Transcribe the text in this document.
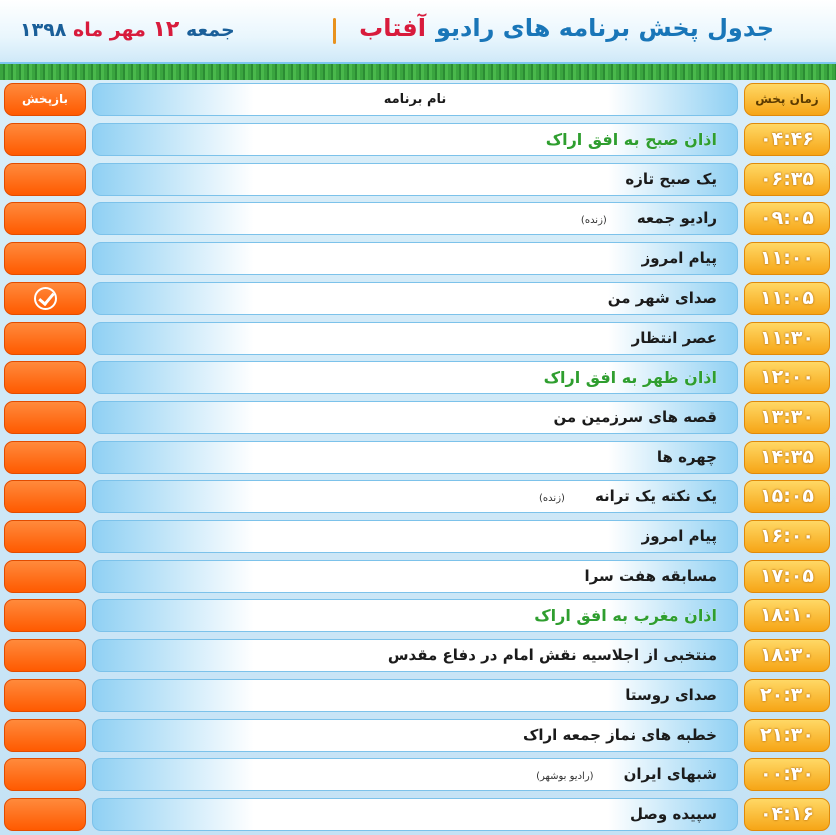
جدول پخش برنامه های رادیوآفتاب
جمعه ۱۲ مهر ماه ۱۳۹۸
زمان پخش
نام برنامه
بازپخش
۰۴:۴۶
اذان صبح به افق اراک
۰۶:۳۵
یک صبح تازه
۰۹:۰۵
رادیو جمعه(زنده)
۱۱:۰۰
پیام امروز
۱۱:۰۵
صدای شهر من
۱۱:۳۰
عصر انتظار
۱۲:۰۰
اذان ظهر به افق اراک
۱۳:۳۰
قصه های سرزمین من
۱۴:۳۵
چهره ها
۱۵:۰۵
یک نکته یک ترانه(زنده)
۱۶:۰۰
پیام امروز
۱۷:۰۵
مسابقه هفت سرا
۱۸:۱۰
اذان مغرب به افق اراک
۱۸:۳۰
منتخبی از اجلاسیه نقش امام در دفاع مقدس
۲۰:۳۰
صدای روستا
۲۱:۳۰
خطبه های نماز جمعه اراک
۰۰:۳۰
شبهای ایران(رادیو بوشهر)
۰۴:۱۶
سپیده وصل
